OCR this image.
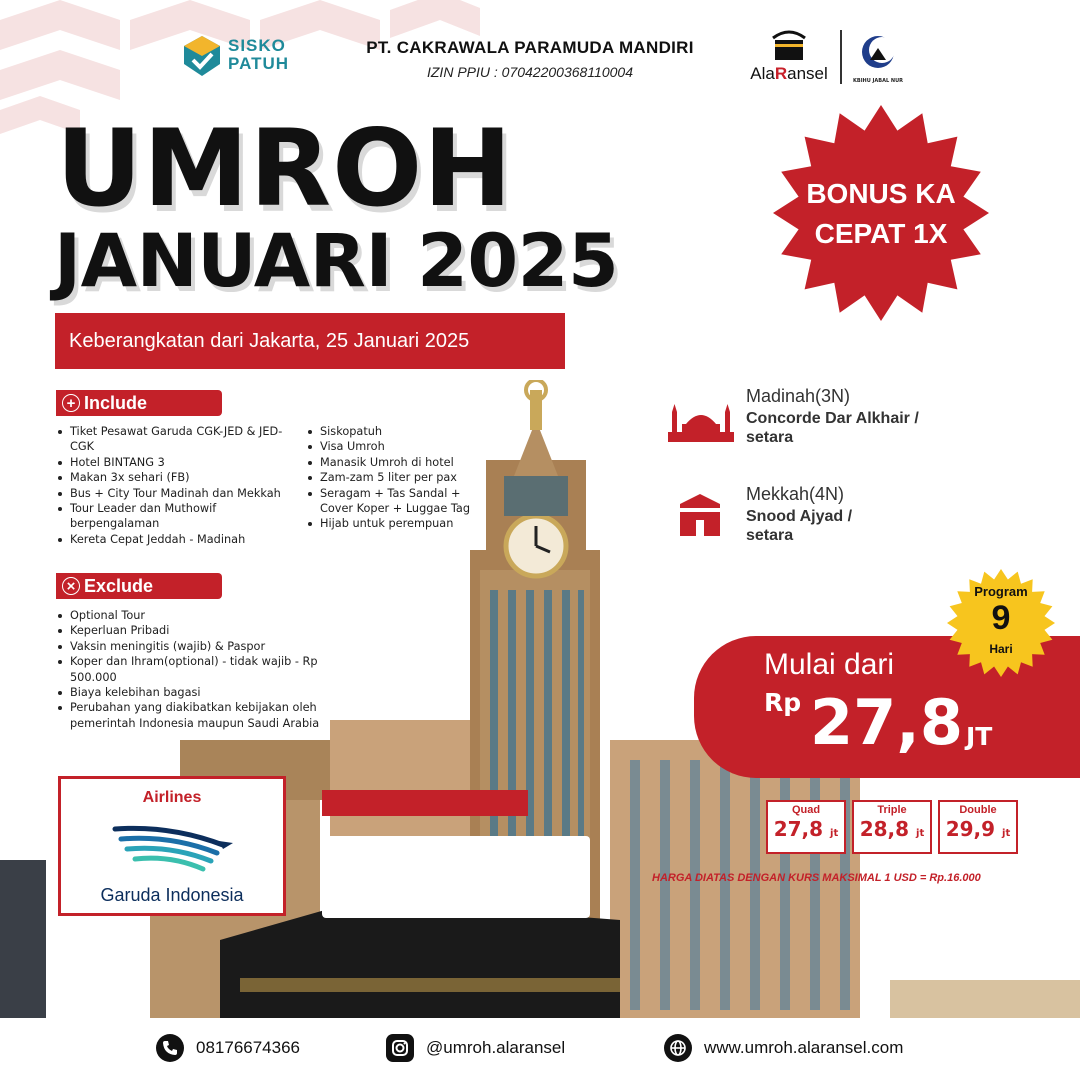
SISKO
PATUH
PT. CAKRAWALA PARAMUDA MANDIRI
IZIN PPIU : 07042200368110004	AlaRansel	KBIHU JABAL NUR
UMROH
JANUARI 2025
Keberangkatan dari Jakarta, 25 Januari 2025
BONUS KA
CEPAT 1X
+ Include
Tiket Pesawat Garuda CGK-JED & JED-CGK
Hotel BINTANG 3
Makan 3x sehari (FB)
Bus + City Tour Madinah dan Mekkah
Tour Leader dan Muthowif berpengalaman
Kereta Cepat Jeddah - Madinah
Siskopatuh
Visa Umroh
Manasik Umroh di hotel
Zam-zam 5 liter per pax
Seragam + Tas Sandal + Cover Koper + Luggae Tag
Hijab untuk perempuan
× Exclude
Optional Tour
Keperluan Pribadi
Vaksin meningitis (wajib) & Paspor
Koper dan Ihram(optional) - tidak wajib - Rp 500.000
Biaya kelebihan bagasi
Perubahan yang diakibatkan kebijakan oleh pemerintah Indonesia maupun Saudi Arabia
Madinah(3N)
Concorde Dar Alkhair /
setara
Mekkah(4N)
Snood Ajyad /
setara
Mulai dari
Rp 27,8 JT
Program
9
Hari
Quad
27,8 jt
Triple
28,8 jt
Double
29,9 jt
HARGA DIATAS DENGAN KURS MAKSIMAL 1 USD = Rp.16.000
Airlines
Garuda Indonesia
08176674366	@umroh.alaransel	www.umroh.alaransel.com
